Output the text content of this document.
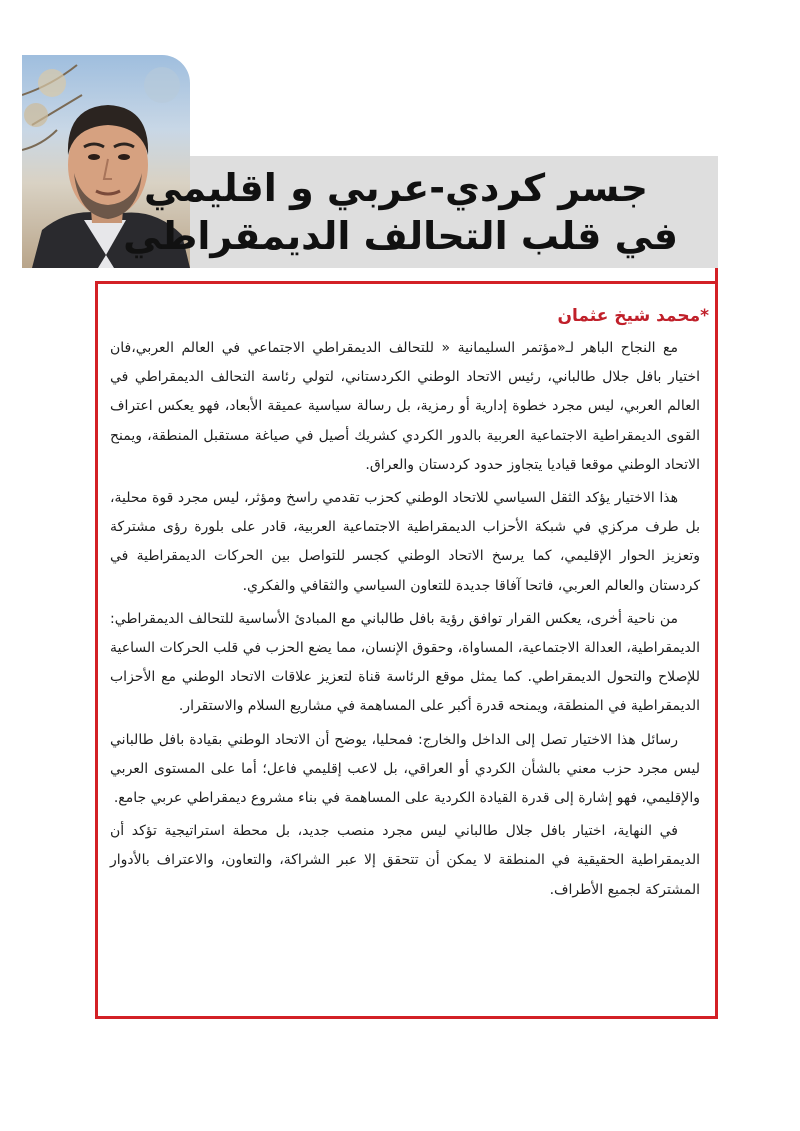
جسر كردي-عربي و اقليمي
في قلب التحالف الديمقراطي
*محمد شيخ عثمان

مع النجاح الباهر لـ«مؤتمر السليمانية « للتحالف الديمقراطي الاجتماعي في العالم العربي،فان اختيار بافل جلال طالباني، رئيس الاتحاد الوطني الكردستاني، لتولي رئاسة التحالف الديمقراطي في العالم العربي، ليس مجرد خطوة إدارية أو رمزية، بل رسالة سياسية عميقة الأبعاد، فهو يعكس اعتراف القوى الديمقراطية الاجتماعية العربية بالدور الكردي كشريك أصيل في صياغة مستقبل المنطقة، ويمنح الاتحاد الوطني موقعا قياديا يتجاوز حدود كردستان والعراق.

هذا الاختيار يؤكد الثقل السياسي للاتحاد الوطني كحزب تقدمي راسخ ومؤثر، ليس مجرد قوة محلية، بل طرف مركزي في شبكة الأحزاب الديمقراطية الاجتماعية العربية، قادر على بلورة رؤى مشتركة وتعزيز الحوار الإقليمي، كما يرسخ الاتحاد الوطني كجسر للتواصل بين الحركات الديمقراطية في كردستان والعالم العربي، فاتحا آفاقا جديدة للتعاون السياسي والثقافي والفكري.

من ناحية أخرى، يعكس القرار توافق رؤية بافل طالباني مع المبادئ الأساسية للتحالف الديمقراطي: الديمقراطية، العدالة الاجتماعية، المساواة، وحقوق الإنسان، مما يضع الحزب في قلب الحركات الساعية للإصلاح والتحول الديمقراطي. كما يمثل موقع الرئاسة قناة لتعزيز علاقات الاتحاد الوطني مع الأحزاب الديمقراطية في المنطقة، ويمنحه قدرة أكبر على المساهمة في مشاريع السلام والاستقرار.

رسائل هذا الاختيار تصل إلى الداخل والخارج: فمحليا، يوضح أن الاتحاد الوطني بقيادة بافل طالباني ليس مجرد حزب معني بالشأن الكردي أو العراقي، بل لاعب إقليمي فاعل؛ أما على المستوى العربي والإقليمي، فهو إشارة إلى قدرة القيادة الكردية على المساهمة في بناء مشروع ديمقراطي عربي جامع.

في النهاية، اختيار بافل جلال طالباني ليس مجرد منصب جديد، بل محطة استراتيجية تؤكد أن الديمقراطية الحقيقية في المنطقة لا يمكن أن تتحقق إلا عبر الشراكة، والتعاون، والاعتراف بالأدوار المشتركة لجميع الأطراف.
